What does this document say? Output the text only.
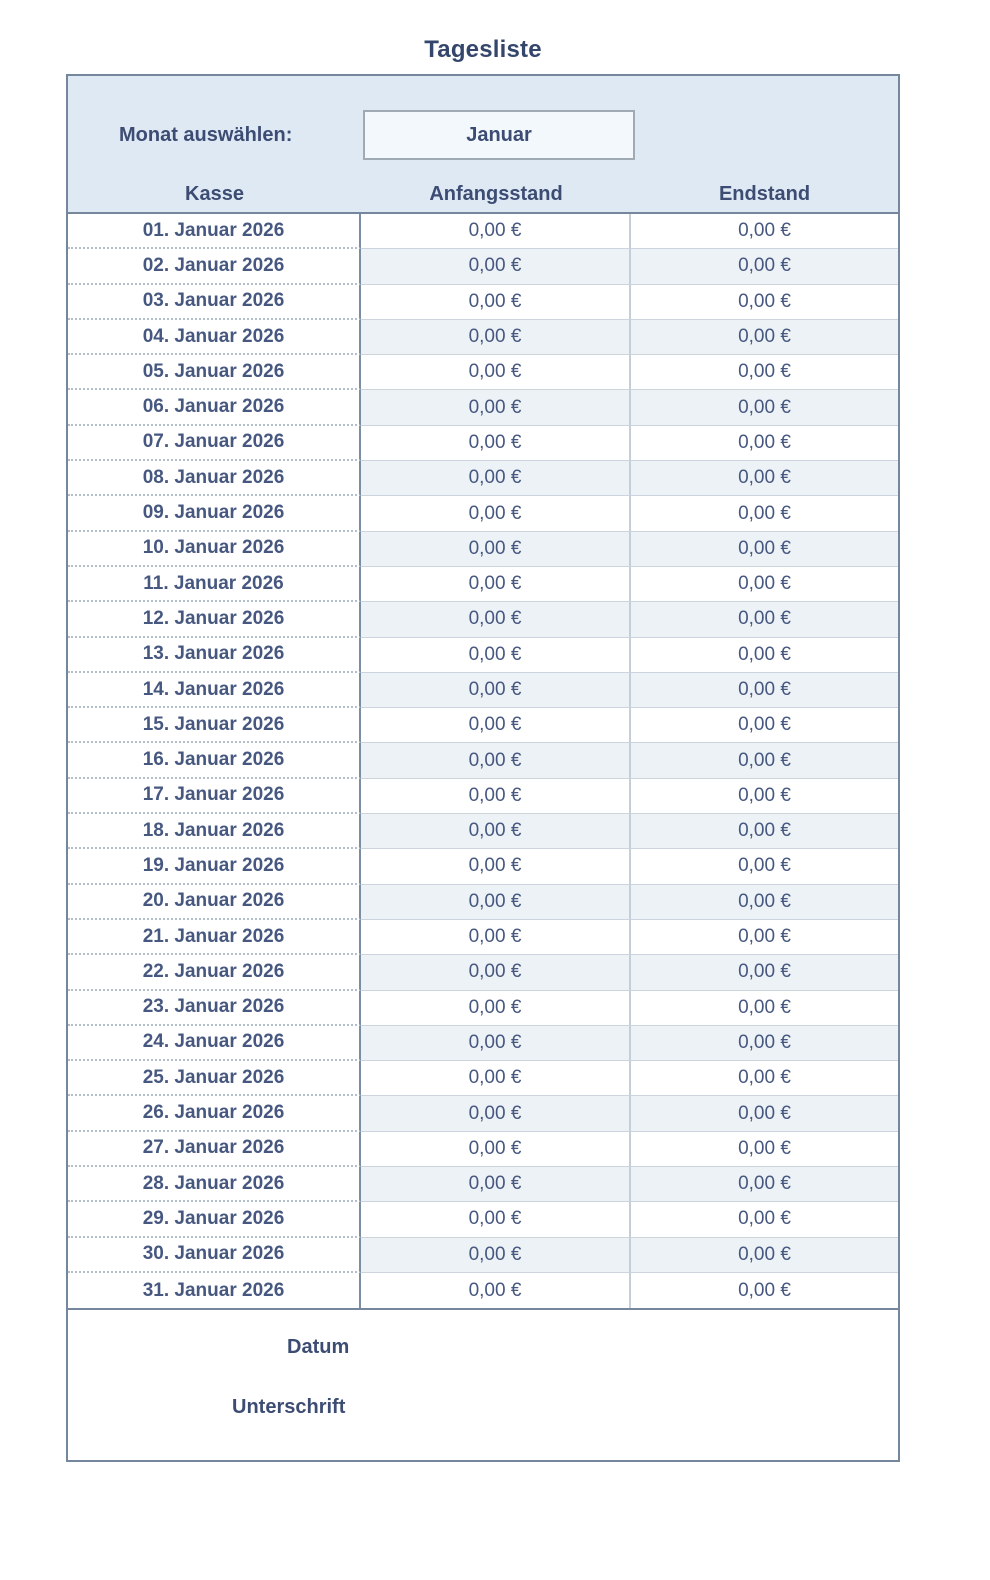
Tagesliste
Monat auswählen:	Januar
Kasse	Anfangsstand	Endstand
01. Januar 2026	0,00 €	0,00 €
02. Januar 2026	0,00 €	0,00 €
03. Januar 2026	0,00 €	0,00 €
04. Januar 2026	0,00 €	0,00 €
05. Januar 2026	0,00 €	0,00 €
06. Januar 2026	0,00 €	0,00 €
07. Januar 2026	0,00 €	0,00 €
08. Januar 2026	0,00 €	0,00 €
09. Januar 2026	0,00 €	0,00 €
10. Januar 2026	0,00 €	0,00 €
11. Januar 2026	0,00 €	0,00 €
12. Januar 2026	0,00 €	0,00 €
13. Januar 2026	0,00 €	0,00 €
14. Januar 2026	0,00 €	0,00 €
15. Januar 2026	0,00 €	0,00 €
16. Januar 2026	0,00 €	0,00 €
17. Januar 2026	0,00 €	0,00 €
18. Januar 2026	0,00 €	0,00 €
19. Januar 2026	0,00 €	0,00 €
20. Januar 2026	0,00 €	0,00 €
21. Januar 2026	0,00 €	0,00 €
22. Januar 2026	0,00 €	0,00 €
23. Januar 2026	0,00 €	0,00 €
24. Januar 2026	0,00 €	0,00 €
25. Januar 2026	0,00 €	0,00 €
26. Januar 2026	0,00 €	0,00 €
27. Januar 2026	0,00 €	0,00 €
28. Januar 2026	0,00 €	0,00 €
29. Januar 2026	0,00 €	0,00 €
30. Januar 2026	0,00 €	0,00 €
31. Januar 2026	0,00 €	0,00 €
Datum
Unterschrift
